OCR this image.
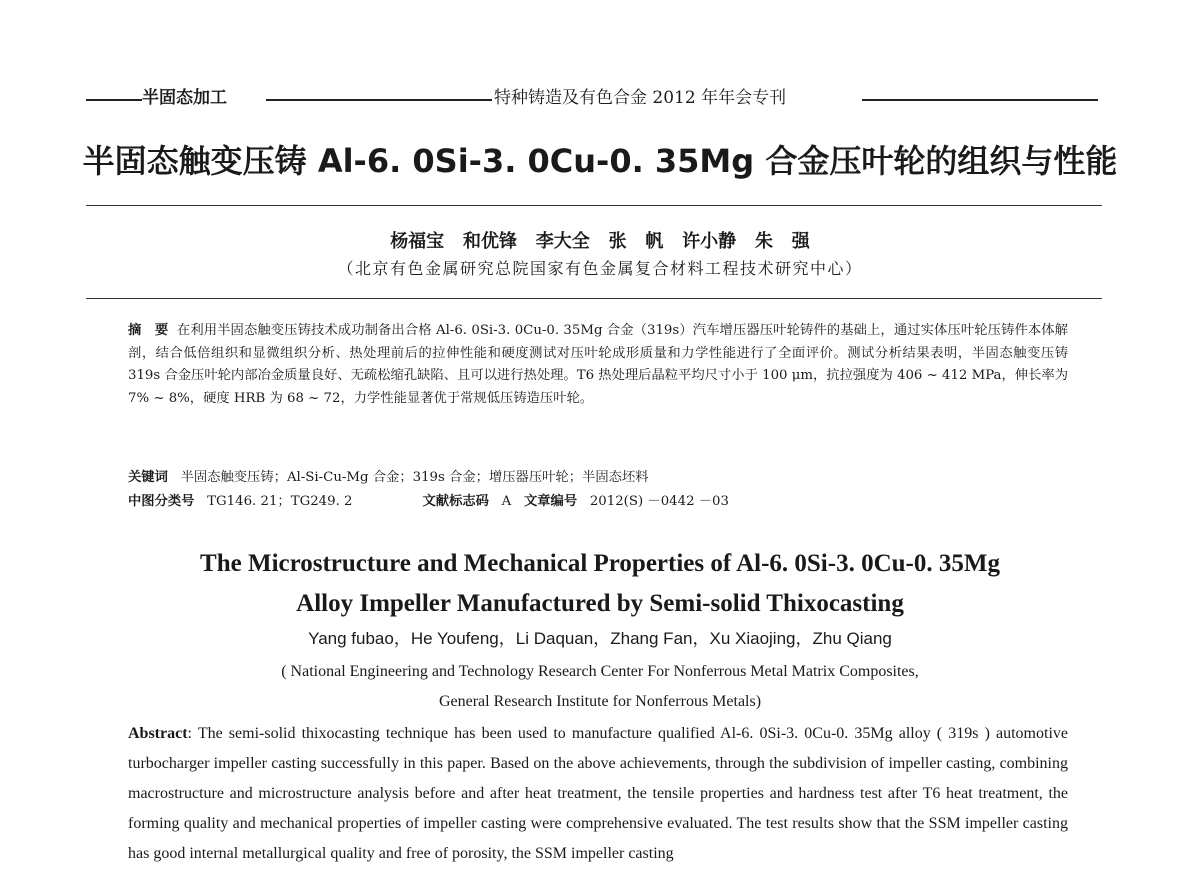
半固态加工	特种铸造及有色合金 2012 年年会专刊
半固态触变压铸 Al-6. 0Si-3. 0Cu-0. 35Mg 合金压叶轮的组织与性能
杨福宝   和优锋   李大全   张   帆   许小静   朱   强
（北京有色金属研究总院国家有色金属复合材料工程技术研究中心）
摘　要 在利用半固态触变压铸技术成功制备出合格 Al-6. 0Si-3. 0Cu-0. 35Mg 合金（319s）汽车增压器压叶轮铸件的基础上，通过实体压叶轮压铸件本体解剖，结合低倍组织和显微组织分析、热处理前后的拉伸性能和硬度测试对压叶轮成形质量和力学性能进行了全面评价。测试分析结果表明，半固态触变压铸 319s 合金压叶轮内部冶金质量良好、无疏松缩孔缺陷、且可以进行热处理。T6 热处理后晶粒平均尺寸小于 100 μm，抗拉强度为 406 ~ 412 MPa，伸长率为 7% ~ 8%，硬度 HRB 为 68 ~ 72，力学性能显著优于常规低压铸造压叶轮。
关键词 半固态触变压铸；Al-Si-Cu-Mg 合金；319s 合金；增压器压叶轮；半固态坯料
中图分类号 TG146. 21；TG249. 2	文献标志码 A 文章编号 2012(S) －0442 －03
The Microstructure and Mechanical Properties of Al-6. 0Si-3. 0Cu-0. 35Mg
Alloy Impeller Manufactured by Semi-solid Thixocasting
Yang fubao，He Youfeng，Li Daquan，Zhang Fan，Xu Xiaojing，Zhu Qiang
( National Engineering and Technology Research Center For Nonferrous Metal Matrix Composites,
General Research Institute for Nonferrous Metals)
Abstract: The semi-solid thixocasting technique has been used to manufacture qualified Al-6. 0Si-3. 0Cu-0. 35Mg alloy ( 319s ) automotive turbocharger impeller casting successfully in this paper. Based on the above achievements, through the subdivision of impeller casting, combining macrostructure and microstructure analysis before and after heat treatment, the tensile properties and hardness test after T6 heat treatment, the forming quality and mechanical properties of impeller casting were comprehensive evaluated. The test results show that the SSM impeller casting has good internal metallurgical quality and free of porosity, the SSM impeller casting
